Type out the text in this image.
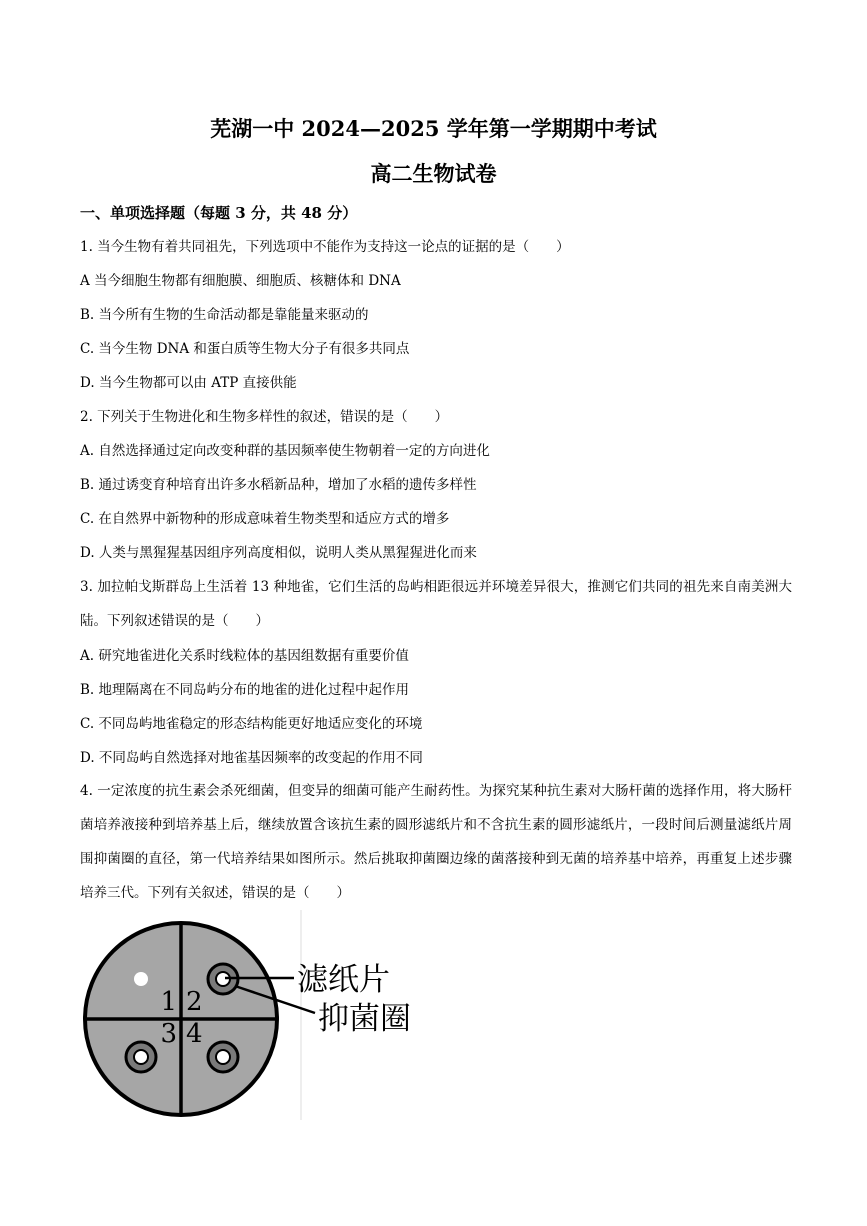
芜湖一中 2024—2025 学年第一学期期中考试
高二生物试卷
一、单项选择题（每题 3 分，共 48 分）
1. 当今生物有着共同祖先，下列选项中不能作为支持这一论点的证据的是（　　）
A 当今细胞生物都有细胞膜、细胞质、核糖体和 DNA
B. 当今所有生物的生命活动都是靠能量来驱动的
C. 当今生物 DNA 和蛋白质等生物大分子有很多共同点
D. 当今生物都可以由 ATP 直接供能
2. 下列关于生物进化和生物多样性的叙述，错误的是（　　）
A. 自然选择通过定向改变种群的基因频率使生物朝着一定的方向进化
B. 通过诱变育种培育出许多水稻新品种，增加了水稻的遗传多样性
C. 在自然界中新物种的形成意味着生物类型和适应方式的增多
D. 人类与黑猩猩基因组序列高度相似，说明人类从黑猩猩进化而来
3. 加拉帕戈斯群岛上生活着 13 种地雀，它们生活的岛屿相距很远并环境差异很大，推测它们共同的祖先来自南美洲大陆。下列叙述错误的是（　　）
A. 研究地雀进化关系时线粒体的基因组数据有重要价值
B. 地理隔离在不同岛屿分布的地雀的进化过程中起作用
C. 不同岛屿地雀稳定的形态结构能更好地适应变化的环境
D. 不同岛屿自然选择对地雀基因频率的改变起的作用不同
4. 一定浓度的抗生素会杀死细菌，但变异的细菌可能产生耐药性。为探究某种抗生素对大肠杆菌的选择作用，将大肠杆菌培养液接种到培养基上后，继续放置含该抗生素的圆形滤纸片和不含抗生素的圆形滤纸片，一段时间后测量滤纸片周围抑菌圈的直径，第一代培养结果如图所示。然后挑取抑菌圈边缘的菌落接种到无菌的培养基中培养，再重复上述步骤培养三代。下列有关叙述，错误的是（　　）
1 2
3 4
滤纸片
抑菌圈
